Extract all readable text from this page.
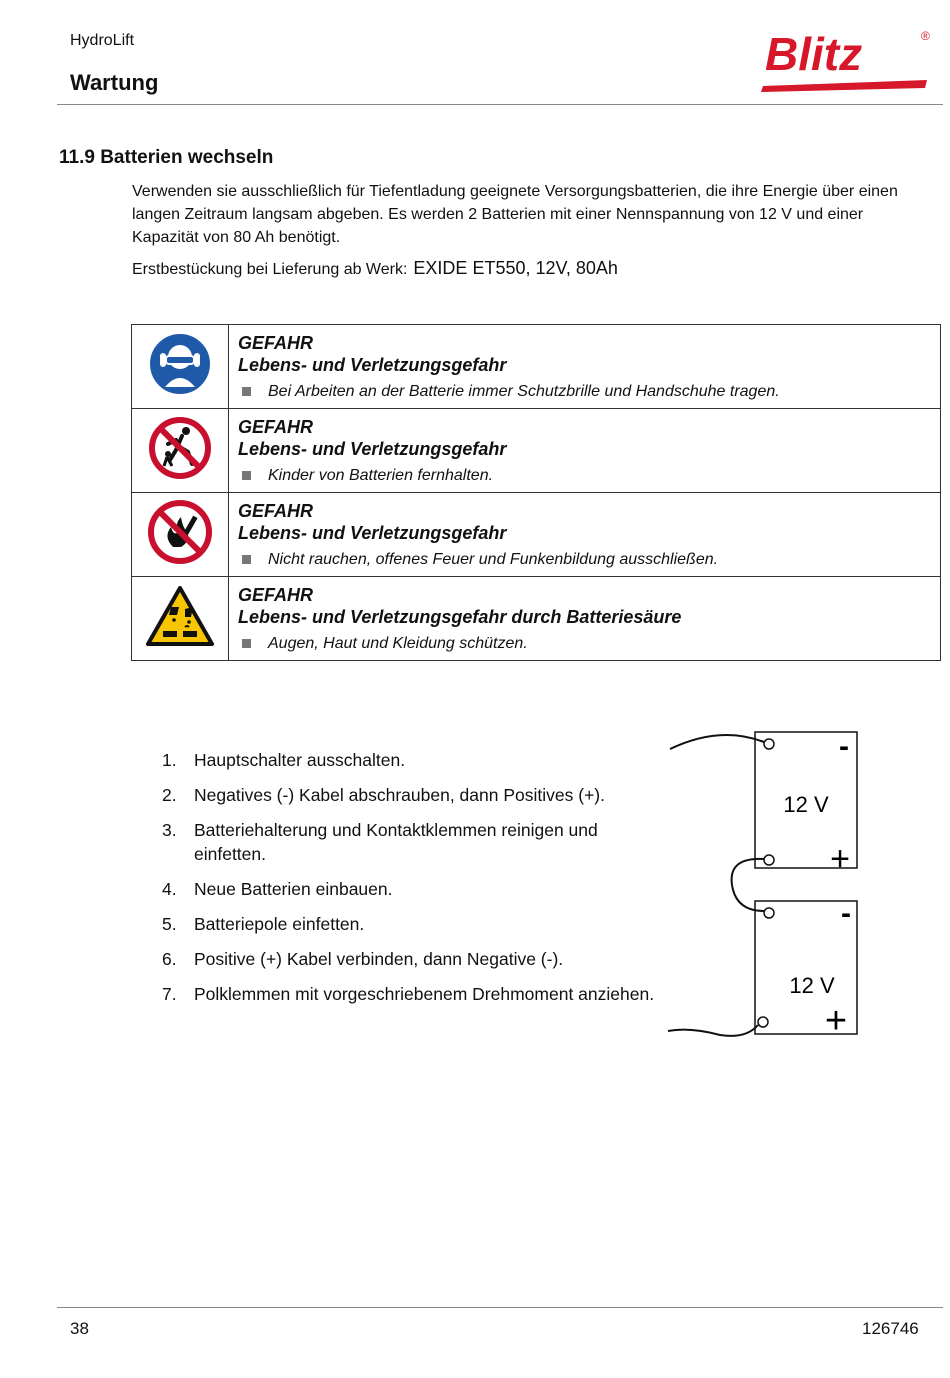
HydroLift
Wartung
Blitz	®
11.9 Batterien wechseln
Verwenden sie ausschließlich für Tiefentladung geeignete Versorgungsbatterien, die ihre Energie über einen langen Zeitraum langsam abgeben. Es werden 2 Batterien mit einer Nennspannung von 12 V und einer Kapazität von 80 Ah benötigt.
Erstbestückung bei Lieferung ab Werk: EXIDE ET550, 12V, 80Ah

GEFAHR
Lebens- und Verletzungsgefahr
Bei Arbeiten an der Batterie immer Schutzbrille und Handschuhe tragen.

GEFAHR
Lebens- und Verletzungsgefahr
Kinder von Batterien fernhalten.

GEFAHR
Lebens- und Verletzungsgefahr
Nicht rauchen, offenes Feuer und Funkenbildung ausschließen.

GEFAHR
Lebens- und Verletzungsgefahr durch Batteriesäure
Augen, Haut und Kleidung schützen.
1. Hauptschalter ausschalten.
2. Negatives (-) Kabel abschrauben, dann Positives (+).
3. Batteriehalterung und Kontaktklemmen reinigen und einfetten.
4. Neue Batterien einbauen.
5. Batteriepole einfetten.
6. Positive (+) Kabel verbinden, dann Negative (-).
7. Polklemmen mit vorgeschriebenem Drehmoment anziehen.
-
12 V
+
-
12 V
+
38	126746
